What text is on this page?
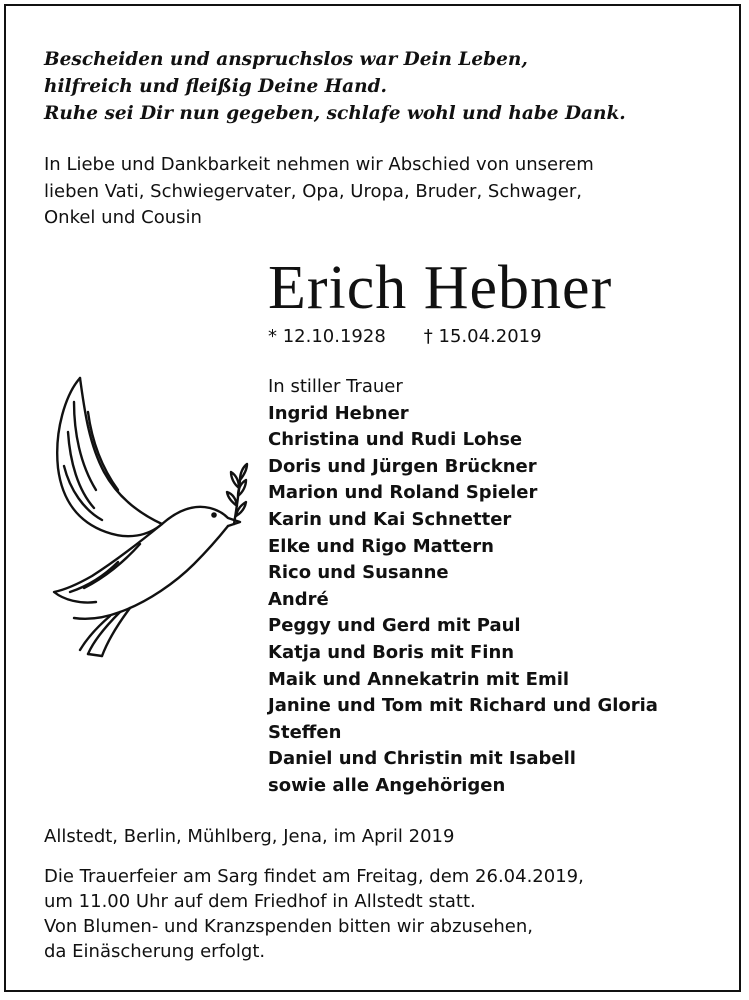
Bescheiden und anspruchslos war Dein Leben,
hilfreich und fleißig Deine Hand.
Ruhe sei Dir nun gegeben, schlafe wohl und habe Dank.
In Liebe und Dankbarkeit nehmen wir Abschied von unserem
lieben Vati, Schwiegervater, Opa, Uropa, Bruder, Schwager,
Onkel und Cousin
Erich Hebner
* 12.10.1928 † 15.04.2019
In stiller Trauer
Ingrid Hebner
Christina und Rudi Lohse
Doris und Jürgen Brückner
Marion und Roland Spieler
Karin und Kai Schnetter
Elke und Rigo Mattern
Rico und Susanne
André
Peggy und Gerd mit Paul
Katja und Boris mit Finn
Maik und Annekatrin mit Emil
Janine und Tom mit Richard und Gloria
Steffen
Daniel und Christin mit Isabell
sowie alle Angehörigen
Allstedt, Berlin, Mühlberg, Jena, im April 2019
Die Trauerfeier am Sarg findet am Freitag, dem 26.04.2019,
um 11.00 Uhr auf dem Friedhof in Allstedt statt.
Von Blumen- und Kranzspenden bitten wir abzusehen,
da Einäscherung erfolgt.
